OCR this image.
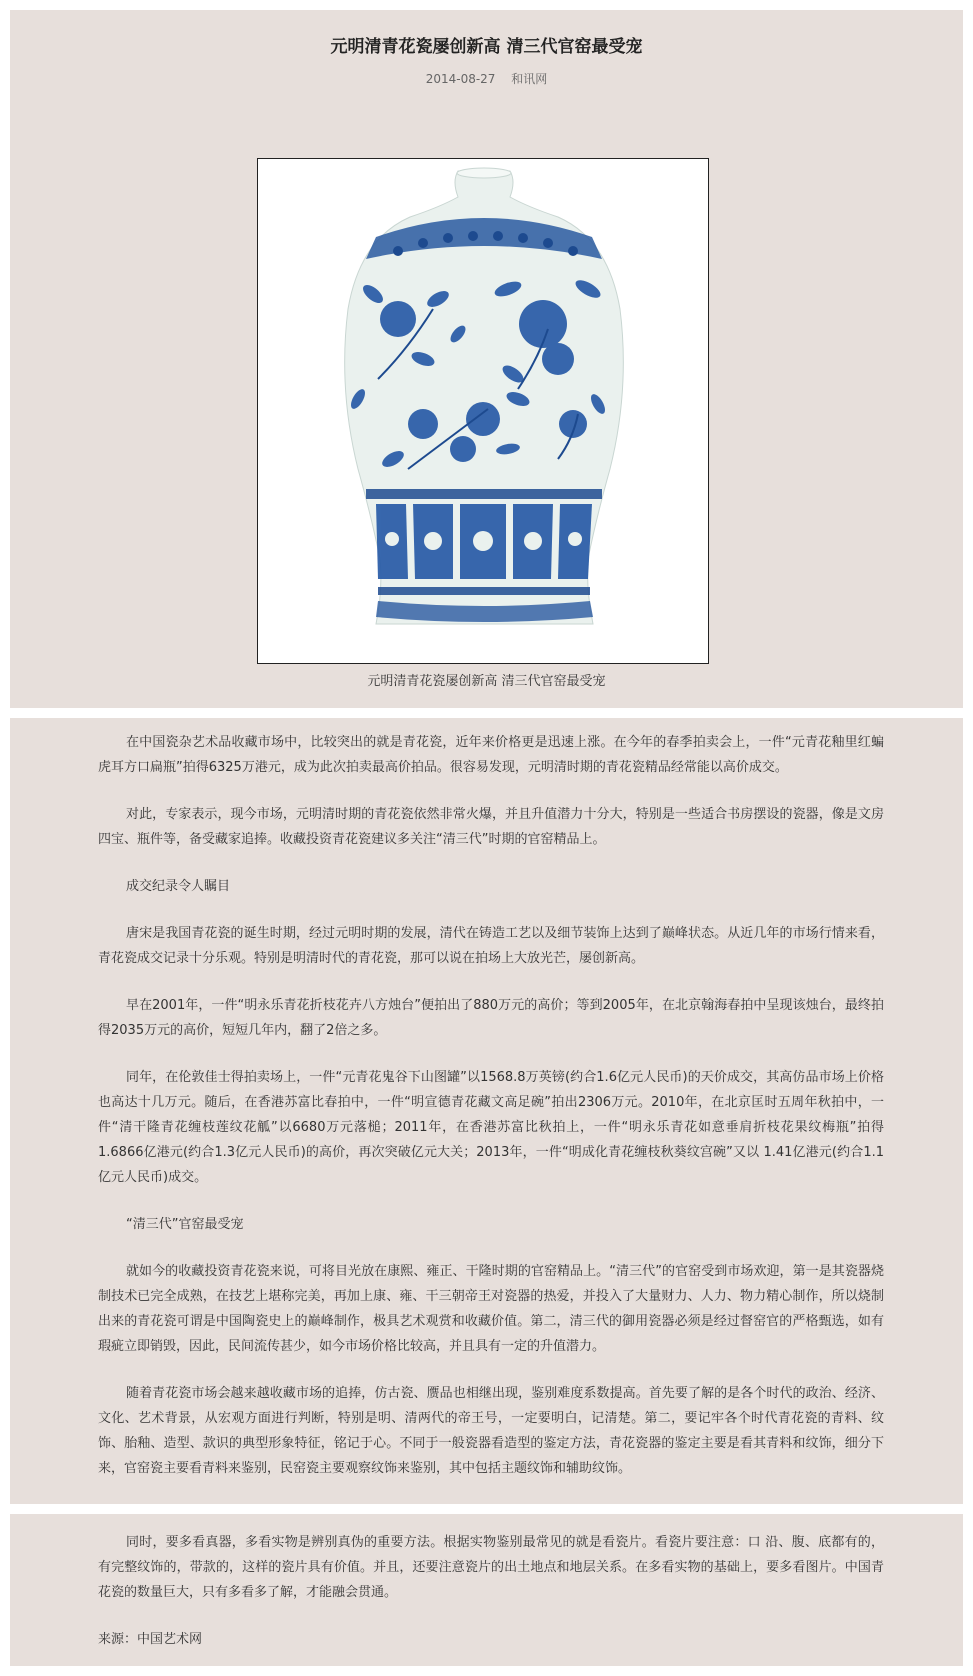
元明清青花瓷屡创新高 清三代官窑最受宠
2014-08-27 和讯网
元明清青花瓷屡创新高 清三代官窑最受宠

在中国瓷杂艺术品收藏市场中，比较突出的就是青花瓷，近年来价格更是迅速上涨。在今年的春季拍卖会上，一件“元青花釉里红蝙虎耳方口扁瓶”拍得6325万港元，成为此次拍卖最高价拍品。很容易发现，元明清时期的青花瓷精品经常能以高价成交。

对此，专家表示，现今市场，元明清时期的青花瓷依然非常火爆，并且升值潜力十分大，特别是一些适合书房摆设的瓷器，像是文房四宝、瓶件等，备受藏家追捧。收藏投资青花瓷建议多关注“清三代”时期的官窑精品上。

成交纪录令人瞩目

唐宋是我国青花瓷的诞生时期，经过元明时期的发展，清代在铸造工艺以及细节装饰上达到了巅峰状态。从近几年的市场行情来看，青花瓷成交记录十分乐观。特别是明清时代的青花瓷，那可以说在拍场上大放光芒，屡创新高。

早在2001年，一件“明永乐青花折枝花卉八方烛台”便拍出了880万元的高价；等到2005年，在北京翰海春拍中呈现该烛台，最终拍得2035万元的高价，短短几年内，翻了2倍之多。

同年，在伦敦佳士得拍卖场上，一件“元青花鬼谷下山图罐”以1568.8万英镑(约合1.6亿元人民币)的天价成交，其高仿品市场上价格也高达十几万元。随后，在香港苏富比春拍中，一件“明宣德青花藏文高足碗”拍出2306万元。2010年，在北京匡时五周年秋拍中，一件“清干隆青花缠枝莲纹花觚”以6680万元落槌；2011年，在香港苏富比秋拍上，一件“明永乐青花如意垂肩折枝花果纹梅瓶”拍得1.6866亿港元(约合1.3亿元人民币)的高价，再次突破亿元大关；2013年，一件“明成化青花缠枝秋葵纹宫碗”又以 1.41亿港元(约合1.1亿元人民币)成交。

“清三代”官窑最受宠

就如今的收藏投资青花瓷来说，可将目光放在康熙、雍正、干隆时期的官窑精品上。“清三代”的官窑受到市场欢迎，第一是其瓷器烧制技术已完全成熟，在技艺上堪称完美，再加上康、雍、干三朝帝王对瓷器的热爱，并投入了大量财力、人力、物力精心制作，所以烧制出来的青花瓷可谓是中国陶瓷史上的巅峰制作，极具艺术观赏和收藏价值。第二，清三代的御用瓷器必须是经过督窑官的严格甄选，如有瑕疵立即销毁，因此，民间流传甚少，如今市场价格比较高，并且具有一定的升值潜力。

随着青花瓷市场会越来越收藏市场的追捧，仿古瓷、赝品也相继出现，鉴别难度系数提高。首先要了解的是各个时代的政治、经济、文化、艺术背景，从宏观方面进行判断，特别是明、清两代的帝王号，一定要明白，记清楚。第二，要记牢各个时代青花瓷的青料、纹饰、胎釉、造型、款识的典型形象特征，铭记于心。不同于一般瓷器看造型的鉴定方法，青花瓷器的鉴定主要是看其青料和纹饰，细分下来，官窑瓷主要看青料来鉴别，民窑瓷主要观察纹饰来鉴别，其中包括主题纹饰和辅助纹饰。

同时，要多看真器，多看实物是辨别真伪的重要方法。根据实物鉴别最常见的就是看瓷片。看瓷片要注意：口 沿、腹、底都有的，有完整纹饰的，带款的，这样的瓷片具有价值。并且，还要注意瓷片的出土地点和地层关系。在多看实物的基础上，要多看图片。中国青花瓷的数量巨大，只有多看多了解，才能融会贯通。

来源：中国艺术网
